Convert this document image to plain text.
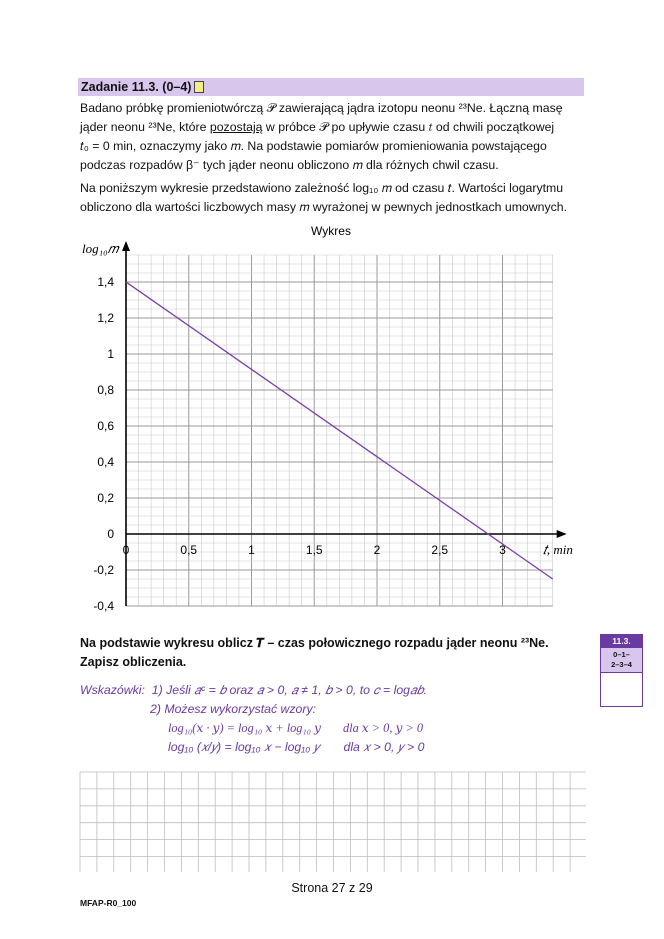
Zadanie 11.3. (0–4)

Badano próbkę promieniotwórczą 𝒫 zawierającą jądra izotopu neonu ²³Ne. Łączną masę
jąder neonu ²³Ne, które pozostają w próbce 𝒫 po upływie czasu 𝑡 od chwili początkowej
𝑡₀ = 0 min, oznaczymy jako 𝑚. Na podstawie pomiarów promieniowania powstającego
podczas rozpadów β⁻ tych jąder neonu obliczono 𝑚 dla różnych chwil czasu.

Na poniższym wykresie przedstawiono zależność log₁₀ 𝑚 od czasu 𝑡. Wartości logarytmu
obliczono dla wartości liczbowych masy 𝑚 wyrażonej w pewnych jednostkach umownych.

1,4
1,2
1
0,8
0,6
0,4
0,2
0
-0,2
-0,4
0	0,5	1	1,5	2	2,5	3
Wykres
log₁₀𝑚
𝑡, min
Na podstawie wykresu oblicz 𝑻 – czas połowicznego rozpadu jąder neonu ²³Ne.
Zapisz obliczenia.
Wskazówki: 1) Jeśli 𝑎ᶜ = 𝑏 oraz 𝑎 > 0, 𝑎 ≠ 1, 𝑏 > 0, to 𝑐 = log𝑎𝑏.
2) Możesz wykorzystać wzory:
log₁₀(𝑥 · 𝑦) = log₁₀ 𝑥 + log₁₀ 𝑦 dla 𝑥 > 0, 𝑦 > 0
log₁₀ (𝑥/𝑦) = log₁₀ 𝑥 − log₁₀ 𝑦 dla 𝑥 > 0, 𝑦 > 0
11.3.
0–1–
2–3–4
Strona 27 z 29
MFAP-R0_100
